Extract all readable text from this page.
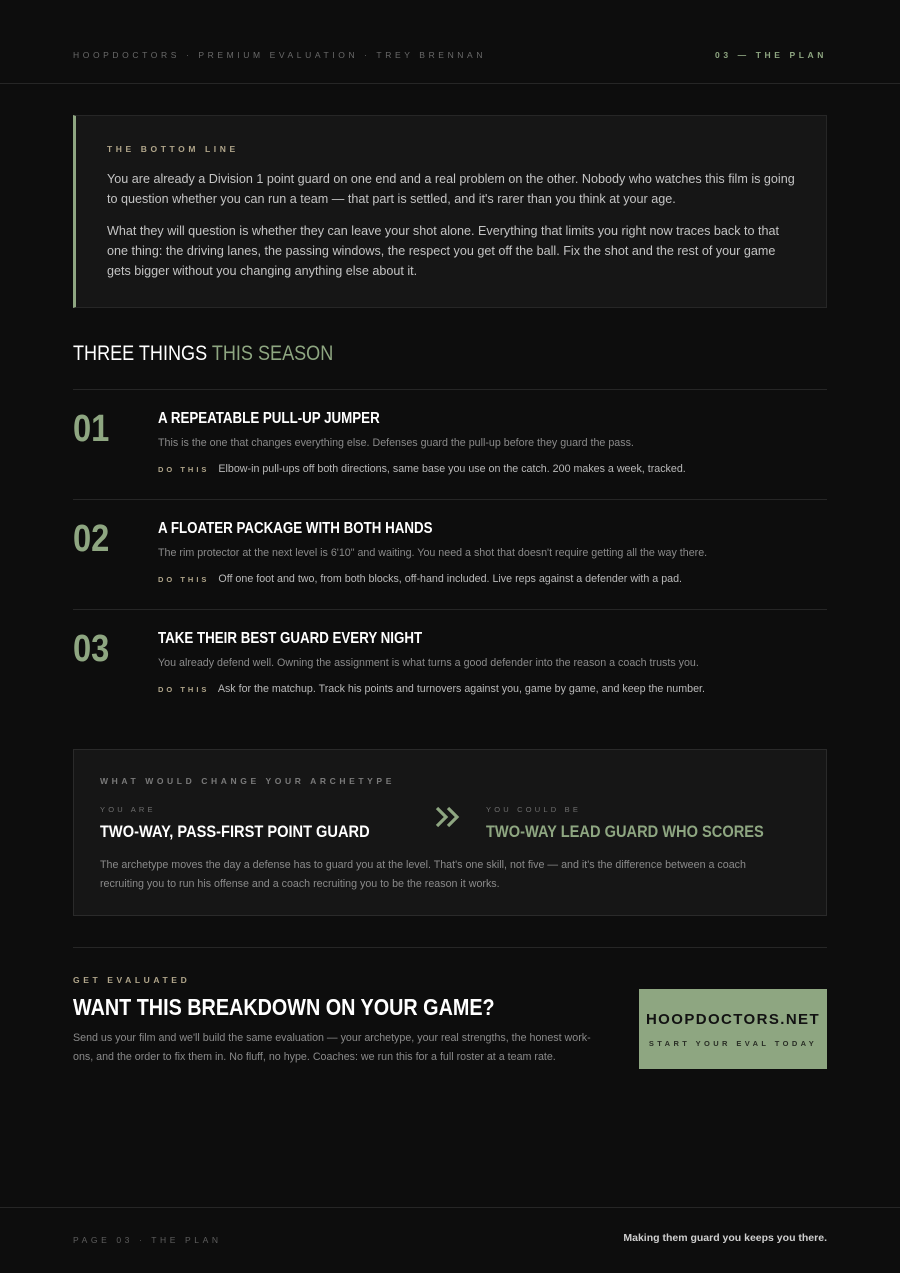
HOOPDOCTORS · PREMIUM EVALUATION · TREY BRENNAN	03 — THE PLAN
THE BOTTOM LINE

You are already a Division 1 point guard on one end and a real problem on the other. Nobody who watches this film is going to question whether you can run a team — that part is settled, and it's rarer than you think at your age.

What they will question is whether they can leave your shot alone. Everything that limits you right now traces back to that one thing: the driving lanes, the passing windows, the respect you get off the ball. Fix the shot and the rest of your game gets bigger without you changing anything else about it.

THREE THINGS THIS SEASON
01	A REPEATABLE PULL-UP JUMPER
This is the one that changes everything else. Defenses guard the pull-up before they guard the pass.
DO THIS Elbow-in pull-ups off both directions, same base you use on the catch. 200 makes a week, tracked.
02	A FLOATER PACKAGE WITH BOTH HANDS
The rim protector at the next level is 6'10" and waiting. You need a shot that doesn't require getting all the way there.
DO THIS Off one foot and two, from both blocks, off-hand included. Live reps against a defender with a pad.
03	TAKE THEIR BEST GUARD EVERY NIGHT
You already defend well. Owning the assignment is what turns a good defender into the reason a coach trusts you.
DO THIS Ask for the matchup. Track his points and turnovers against you, game by game, and keep the number.
WHAT WOULD CHANGE YOUR ARCHETYPE
YOU ARE
TWO-WAY, PASS-FIRST POINT GUARD
YOU COULD BE
TWO-WAY LEAD GUARD WHO SCORES
The archetype moves the day a defense has to guard you at the level. That's one skill, not five — and it's the difference between a coach recruiting you to run his offense and a coach recruiting you to be the reason it works.
GET EVALUATED
WANT THIS BREAKDOWN ON YOUR GAME?
Send us your film and we'll build the same evaluation — your archetype, your real strengths, the honest work-ons, and the order to fix them in. No fluff, no hype. Coaches: we run this for a full roster at a team rate.
HOOPDOCTORS.NET
START YOUR EVAL TODAY
PAGE 03 · THE PLAN	Making them guard you keeps you there.
